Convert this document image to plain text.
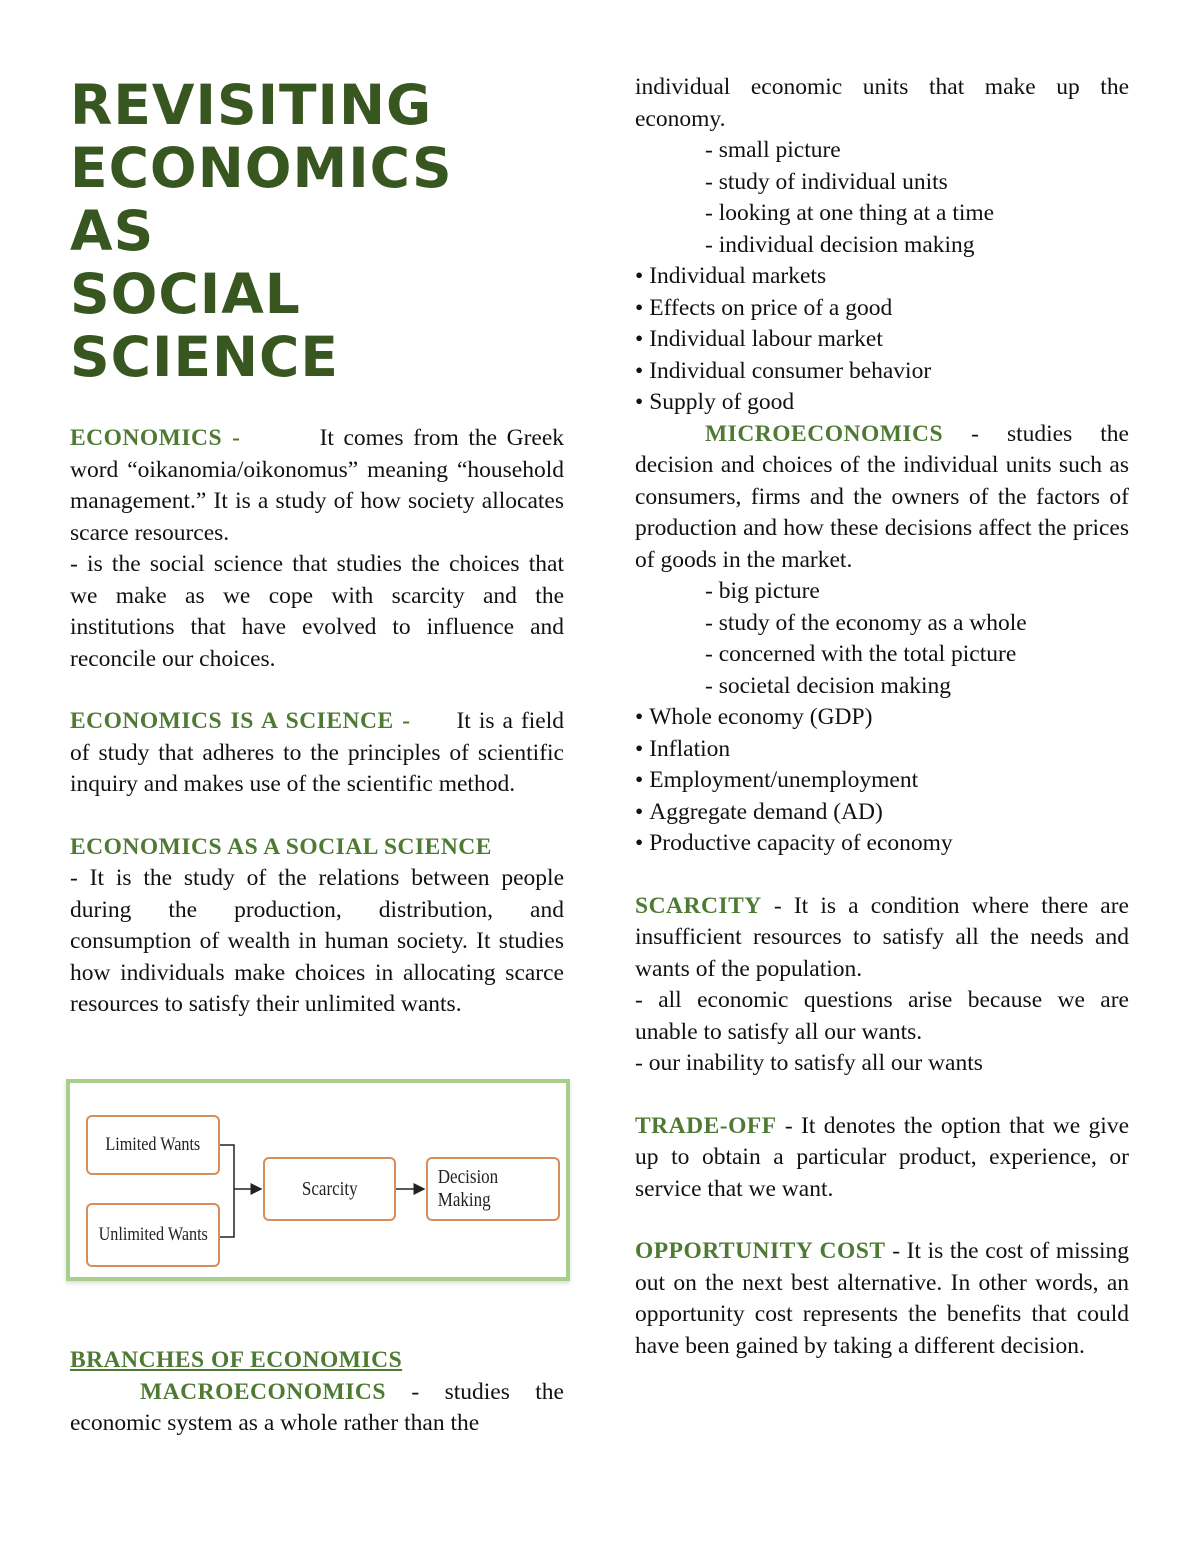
REVISITING
ECONOMICS AS
SOCIAL
SCIENCE

ECONOMICS -	It comes from the Greek word “oikanomia/oikonomus” meaning “household management.” It is a study of how society allocates scarce resources.

- is the social science that studies the choices that we make as we cope with scarcity and the institutions that have evolved to influence and reconcile our choices.

ECONOMICS IS A SCIENCE - It is a field of study that adheres to the principles of scientific inquiry and makes use of the scientific method.

ECONOMICS AS A SOCIAL SCIENCE

- It is the study of the relations between people during the production, distribution, and consumption of wealth in human society. It studies how individuals make choices in allocating scarce resources to satisfy their unlimited wants.

Limited Wants
Unlimited Wants
Scarcity
Decision Making

BRANCHES OF ECONOMICS

MACROECONOMICS - studies the economic system as a whole rather than the

individual economic units that make up the economy.

- small picture
- study of individual units
- looking at one thing at a time
- individual decision making
• Individual markets
• Effects on price of a good
• Individual labour market
• Individual consumer behavior
• Supply of good

MICROECONOMICS - studies the decision and choices of the individual units such as consumers, firms and the owners of the factors of production and how these decisions affect the prices of goods in the market.

- big picture
- study of the economy as a whole
- concerned with the total picture
- societal decision making
• Whole economy (GDP)
• Inflation
• Employment/unemployment
• Aggregate demand (AD)
• Productive capacity of economy

SCARCITY - It is a condition where there are insufficient resources to satisfy all the needs and wants of the population.

- all economic questions arise because we are unable to satisfy all our wants.

- our inability to satisfy all our wants

TRADE-OFF - It denotes the option that we give up to obtain a particular product, experience, or service that we want.

OPPORTUNITY COST - It is the cost of missing out on the next best alternative. In other words, an opportunity cost represents the benefits that could have been gained by taking a different decision.
